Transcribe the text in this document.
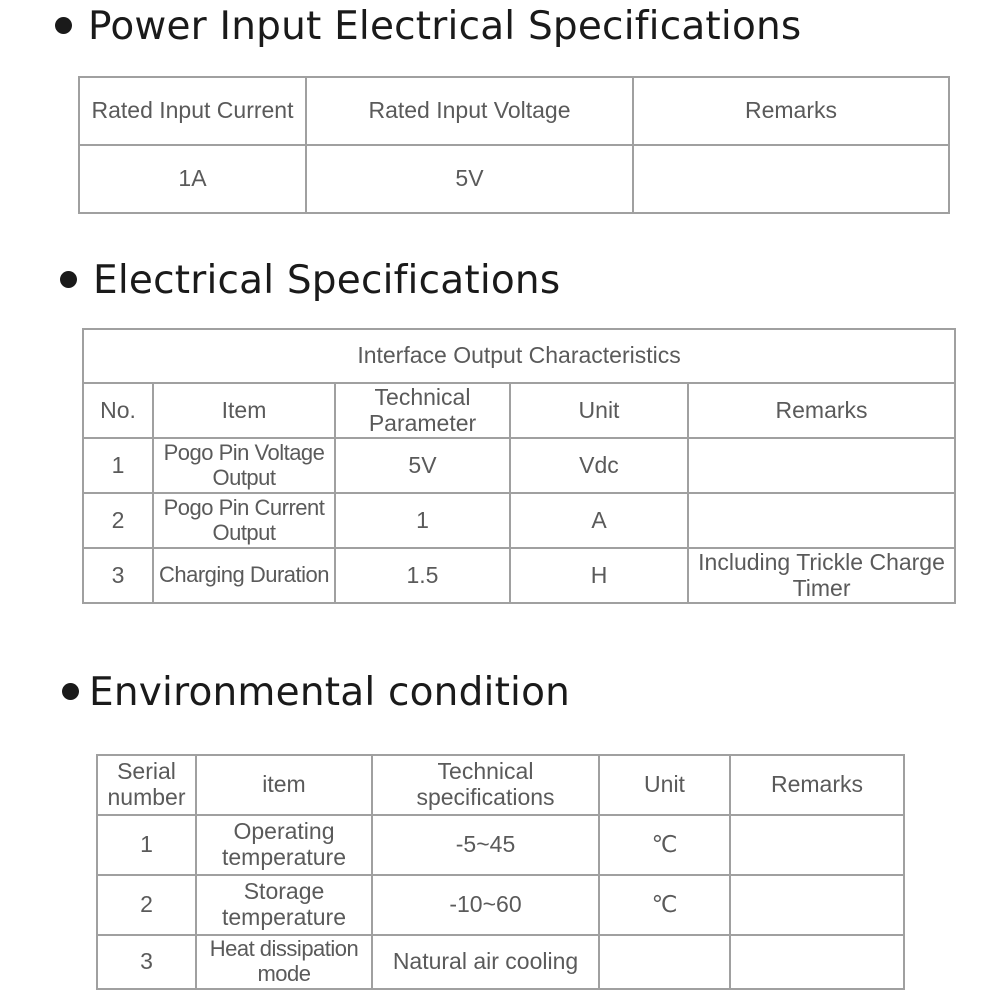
Power Input Electrical Specifications
Rated Input Current	Rated Input Voltage	Remarks
1A	5V	
Electrical Specifications
Interface Output Characteristics				
No.	Item	Technical Parameter	Unit	Remarks
1	Pogo Pin Voltage Output	5V	Vdc	
2	Pogo Pin Current Output	1	A	
3	Charging Duration	1.5	H	Including Trickle Charge Timer
Environmental condition
Serial number	item	Technical specifications	Unit	Remarks
1	Operating temperature	-5~45	℃	
2	Storage temperature	-10~60	℃	
3	Heat dissipation mode	Natural air cooling		
